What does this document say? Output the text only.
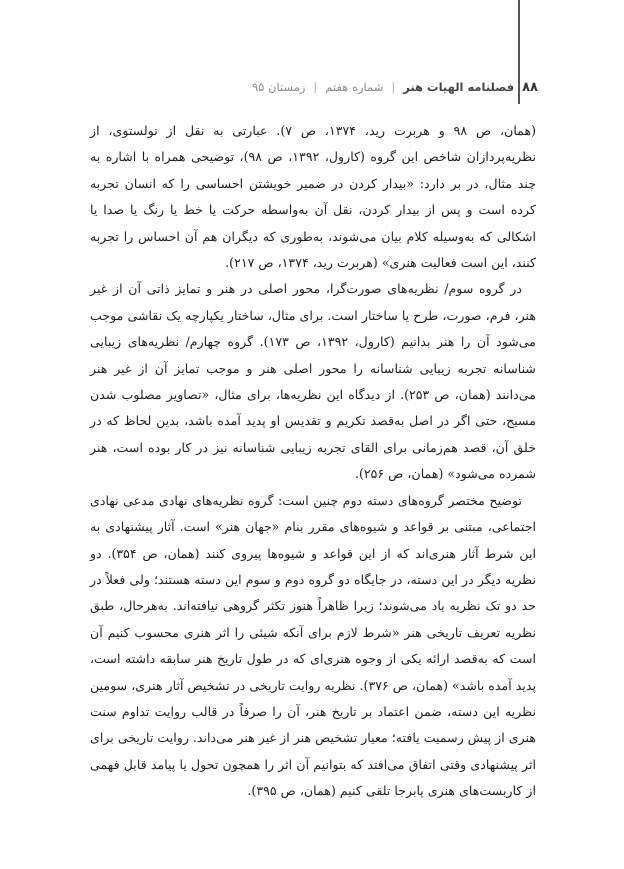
۸۸
فصلنامه الهیات هنر
|
شماره هفتم
|
زمستان ۹۵

(همان، ص ۹۸ و هربرت رید، ۱۳۷۴، ص ۷). عبارتی به نقل از تولستوی، از نظریه‌پردازان شاخص این گروه (کارول، ۱۳۹۲، ص ۹۸)، توضیحی همراه با اشاره به چند مثال، در بر دارد: «بیدار کردن در ضمیر خویشتن احساسی را که انسان تجربه کرده است و پس از بیدار کردن، نقل آن به‌واسطه حرکت یا خط یا رنگ یا صدا یا اشکالی که به‌وسیله کلام بیان می‌شوند، به‌طوری که دیگران هم آن احساس را تجربه کنند، این است فعالیت هنری» (هربرت رید، ۱۳۷۴، ص ۲۱۷).

در گروه سوم/ نظریه‌های صورت‌گرا، محور اصلی در هنر و تمایز ذاتی آن از غیر هنر، فرم، صورت، طرح یا ساختار است. برای مثال، ساختار یکپارچه یک نقاشی موجب می‌شود آن را هنر بدانیم (کارول، ۱۳۹۲، ص ۱۷۳). گروه چهارم/ نظریه‌های زیبایی شناسانه تجربه زیبایی شناسانه را محور اصلی هنر و موجب تمایز آن از غیر هنر می‌دانند (همان، ص ۲۵۳). از دیدگاه این نظریه‌ها، برای مثال، «تصاویر مصلوب شدن مسیح، حتی اگر در اصل به‌قصد تکریم و تقدیس او پدید آمده باشد، بدین لحاظ که در خلق آن، قصد هم‌زمانی برای القای تجربه زیبایی شناسانه نیز در کار بوده است، هنر شمرده می‌شود» (همان، ص ۲۵۶).

توضیح مختصر گروه‌های دسته دوم چنین است: گروه نظریه‌های نهادی مدعی نهادی اجتماعی، مبتنی بر قواعد و شیوه‌های مقرر بنام «جهان هنر» است. آثار پیشنهادی به این شرط آثار هنری‌اند که از این قواعد و شیوه‌ها پیروی کنند (همان، ص ۳۵۴). دو نظریه دیگر در این دسته، در جایگاه دو گروه دوم و سوم این دسته هستند؛ ولی فعلاً در حد دو تک نظریه یاد می‌شوند؛ زیرا ظاهراً هنوز تکثر گروهی نیافته‌اند. به‌هرحال، طبق نظریه تعریف تاریخی هنر «شرط لازم برای آنکه شیئی را اثر هنری محسوب کنیم آن است که به‌قصد ارائه یکی از وجوه هنری‌ای که در طول تاریخ هنر سابقه داشته است، پدید آمده باشد» (همان، ص ۳۷۶). نظریه روایت تاریخی در تشخیص آثار هنری، سومین نظریه این دسته، ضمن اعتماد بر تاریخ هنر، آن را صرفاً در قالب روایت تداوم سنت هنری از پیش رسمیت یافته؛ معیار تشخیص هنر از غیر هنر می‌داند. روایت تاریخی برای اثر پیشنهادی وقتی اتفاق می‌افتد که بتوانیم آن اثر را همچون تحول یا پیامد قابل فهمی از کاربست‌های هنری پابرجا تلقی کنیم (همان، ص ۳۹۵).
